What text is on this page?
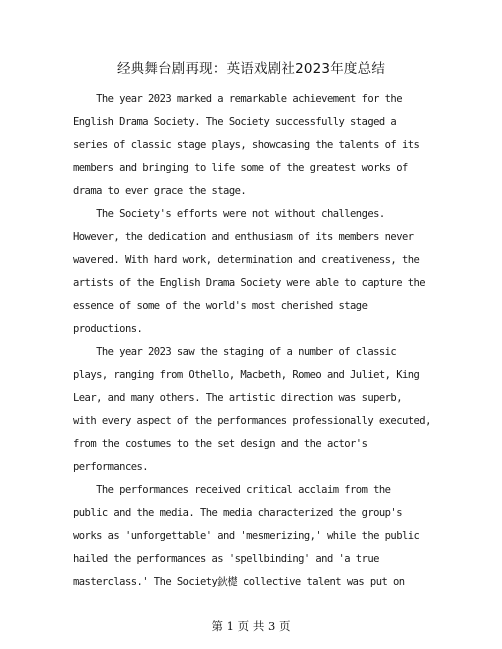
经典舞台剧再现：英语戏剧社2023年度总结
The year 2023 marked a remarkable achievement for the
English Drama Society. The Society successfully staged a
series of classic stage plays, showcasing the talents of its
members and bringing to life some of the greatest works of
drama to ever grace the stage.
The Society's efforts were not without challenges.
However, the dedication and enthusiasm of its members never
wavered. With hard work, determination and creativeness, the
artists of the English Drama Society were able to capture the
essence of some of the world's most cherished stage
productions.
The year 2023 saw the staging of a number of classic
plays, ranging from Othello, Macbeth, Romeo and Juliet, King
Lear, and many others. The artistic direction was superb,
with every aspect of the performances professionally executed,
from the costumes to the set design and the actor's
performances.
The performances received critical acclaim from the
public and the media. The media characterized the group's
works as 'unforgettable' and 'mesmerizing,' while the public
hailed the performances as 'spellbinding' and 'a true
masterclass.' The Society鈥檚 collective talent was put on
第 1 页 共 3 页
